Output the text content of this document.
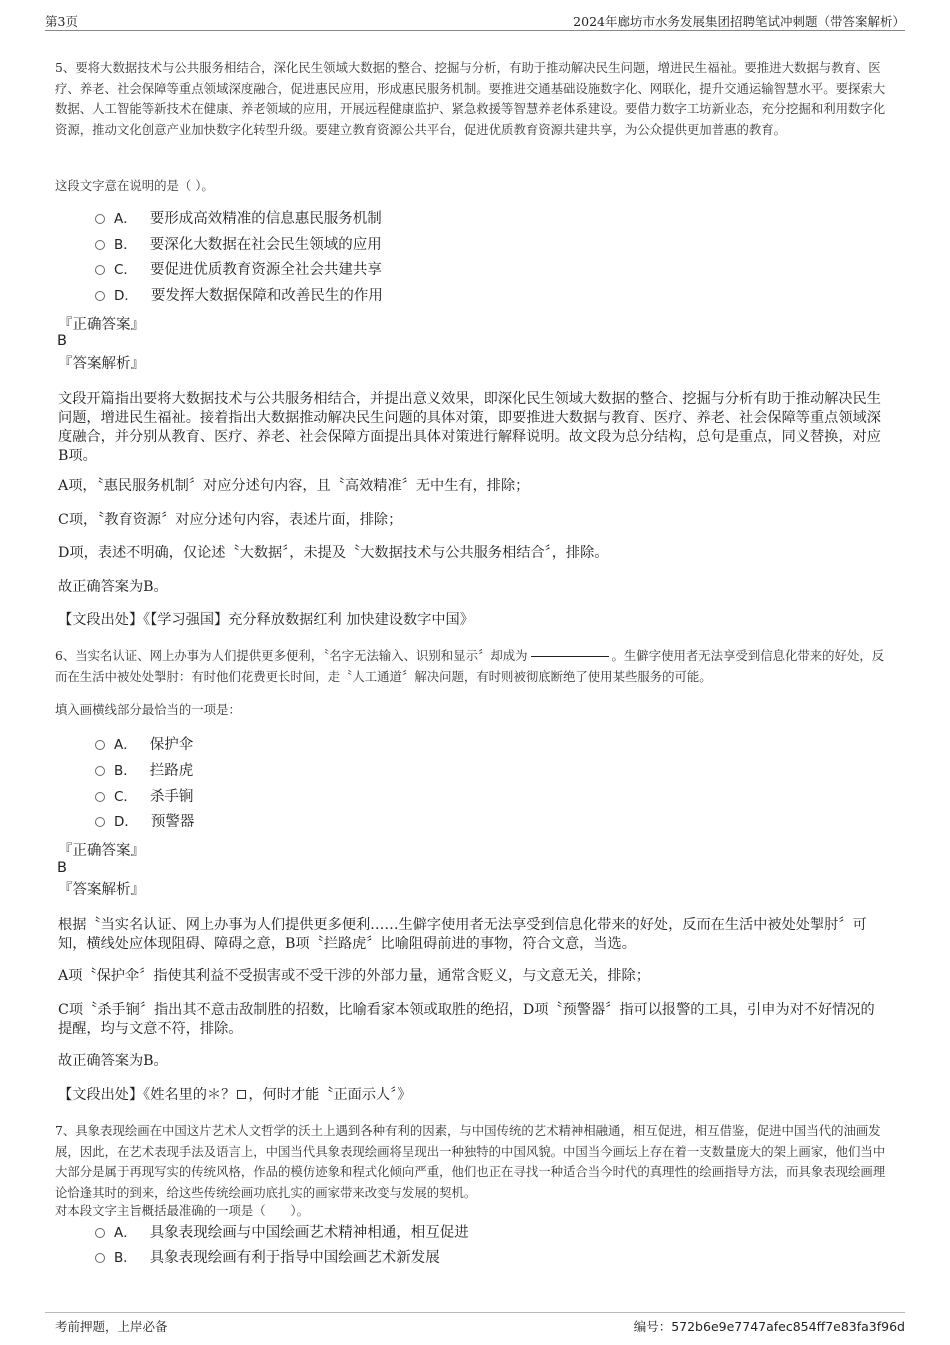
第3页	2024年廊坊市水务发展集团招聘笔试冲刺题（带答案解析）
5、要将大数据技术与公共服务相结合，深化民生领域大数据的整合、挖掘与分析，有助于推动解决民生问题，增进民生福祉。要推进大数据与教育、医疗、养老、社会保障等重点领域深度融合，促进惠民应用，形成惠民服务机制。要推进交通基础设施数字化、网联化，提升交通运输智慧水平。要探索大数据、人工智能等新技术在健康、养老领域的应用，开展远程健康监护、紧急救援等智慧养老体系建设。要借力数字工坊新业态，充分挖掘和利用数字化资源，推动文化创意产业加快数字化转型升级。要建立教育资源公共平台，促进优质教育资源共建共享，为公众提供更加普惠的教育。
这段文字意在说明的是（ ）。
A． 要形成高效精准的信息惠民服务机制
B． 要深化大数据在社会民生领域的应用
C． 要促进优质教育资源全社会共建共享
D． 要发挥大数据保障和改善民生的作用
『正确答案』
B
『答案解析』
文段开篇指出要将大数据技术与公共服务相结合，并提出意义效果，即深化民生领域大数据的整合、挖掘与分析有助于推动解决民生问题，增进民生福祉。接着指出大数据推动解决民生问题的具体对策，即要推进大数据与教育、医疗、养老、社会保障等重点领域深度融合，并分别从教育、医疗、养老、社会保障方面提出具体对策进行解释说明。故文段为总分结构，总句是重点，同义替换，对应B项。
A项，〝惠民服务机制〞对应分述句内容，且〝高效精准〞无中生有，排除；
C项，〝教育资源〞对应分述句内容，表述片面，排除；
D项，表述不明确，仅论述〝大数据〞，未提及〝大数据技术与公共服务相结合〞，排除。
故正确答案为B。
【文段出处】《【学习强国】充分释放数据红利 加快建设数字中国》
6、当实名认证、网上办事为人们提供更多便利，〝名字无法输入、识别和显示〞却成为	。生僻字使用者无法享受到信息化带来的好处，反而在生活中被处处掣肘：有时他们花费更长时间，走〝人工通道〞解决问题，有时则被彻底断绝了使用某些服务的可能。
填入画横线部分最恰当的一项是：
A． 保护伞
B． 拦路虎
C． 杀手锏
D． 预警器
『正确答案』
B
『答案解析』
根据〝当实名认证、网上办事为人们提供更多便利……生僻字使用者无法享受到信息化带来的好处，反而在生活中被处处掣肘〞可知，横线处应体现阻碍、障碍之意，B项〝拦路虎〞比喻阻碍前进的事物，符合文意，当选。
A项〝保护伞〞指使其利益不受损害或不受干涉的外部力量，通常含贬义，与文意无关，排除；
C项〝杀手锏〞指出其不意击敌制胜的招数，比喻看家本领或取胜的绝招，D项〝预警器〞指可以报警的工具，引申为对不好情况的提醒，均与文意不符，排除。
故正确答案为B。
【文段出处】《姓名里的＊？ ，何时才能〝正面示人〞》
7、具象表现绘画在中国这片艺术人文哲学的沃土上遇到各种有利的因素，与中国传统的艺术精神相融通，相互促进，相互借鉴，促进中国当代的油画发展，因此，在艺术表现手法及语言上，中国当代具象表现绘画将呈现出一种独特的中国风貌。中国当今画坛上存在着一支数量庞大的架上画家，他们当中大部分是属于再现写实的传统风格，作品的模仿迹象和程式化倾向严重，他们也正在寻找一种适合当今时代的真理性的绘画指导方法，而具象表现绘画理论恰逢其时的到来，给这些传统绘画功底扎实的画家带来改变与发展的契机。
对本段文字主旨概括最准确的一项是（　　）。
A． 具象表现绘画与中国绘画艺术精神相通，相互促进
B． 具象表现绘画有利于指导中国绘画艺术新发展
考前押题，上岸必备	编号：572b6e9e7747afec854ff7e83fa3f96d
